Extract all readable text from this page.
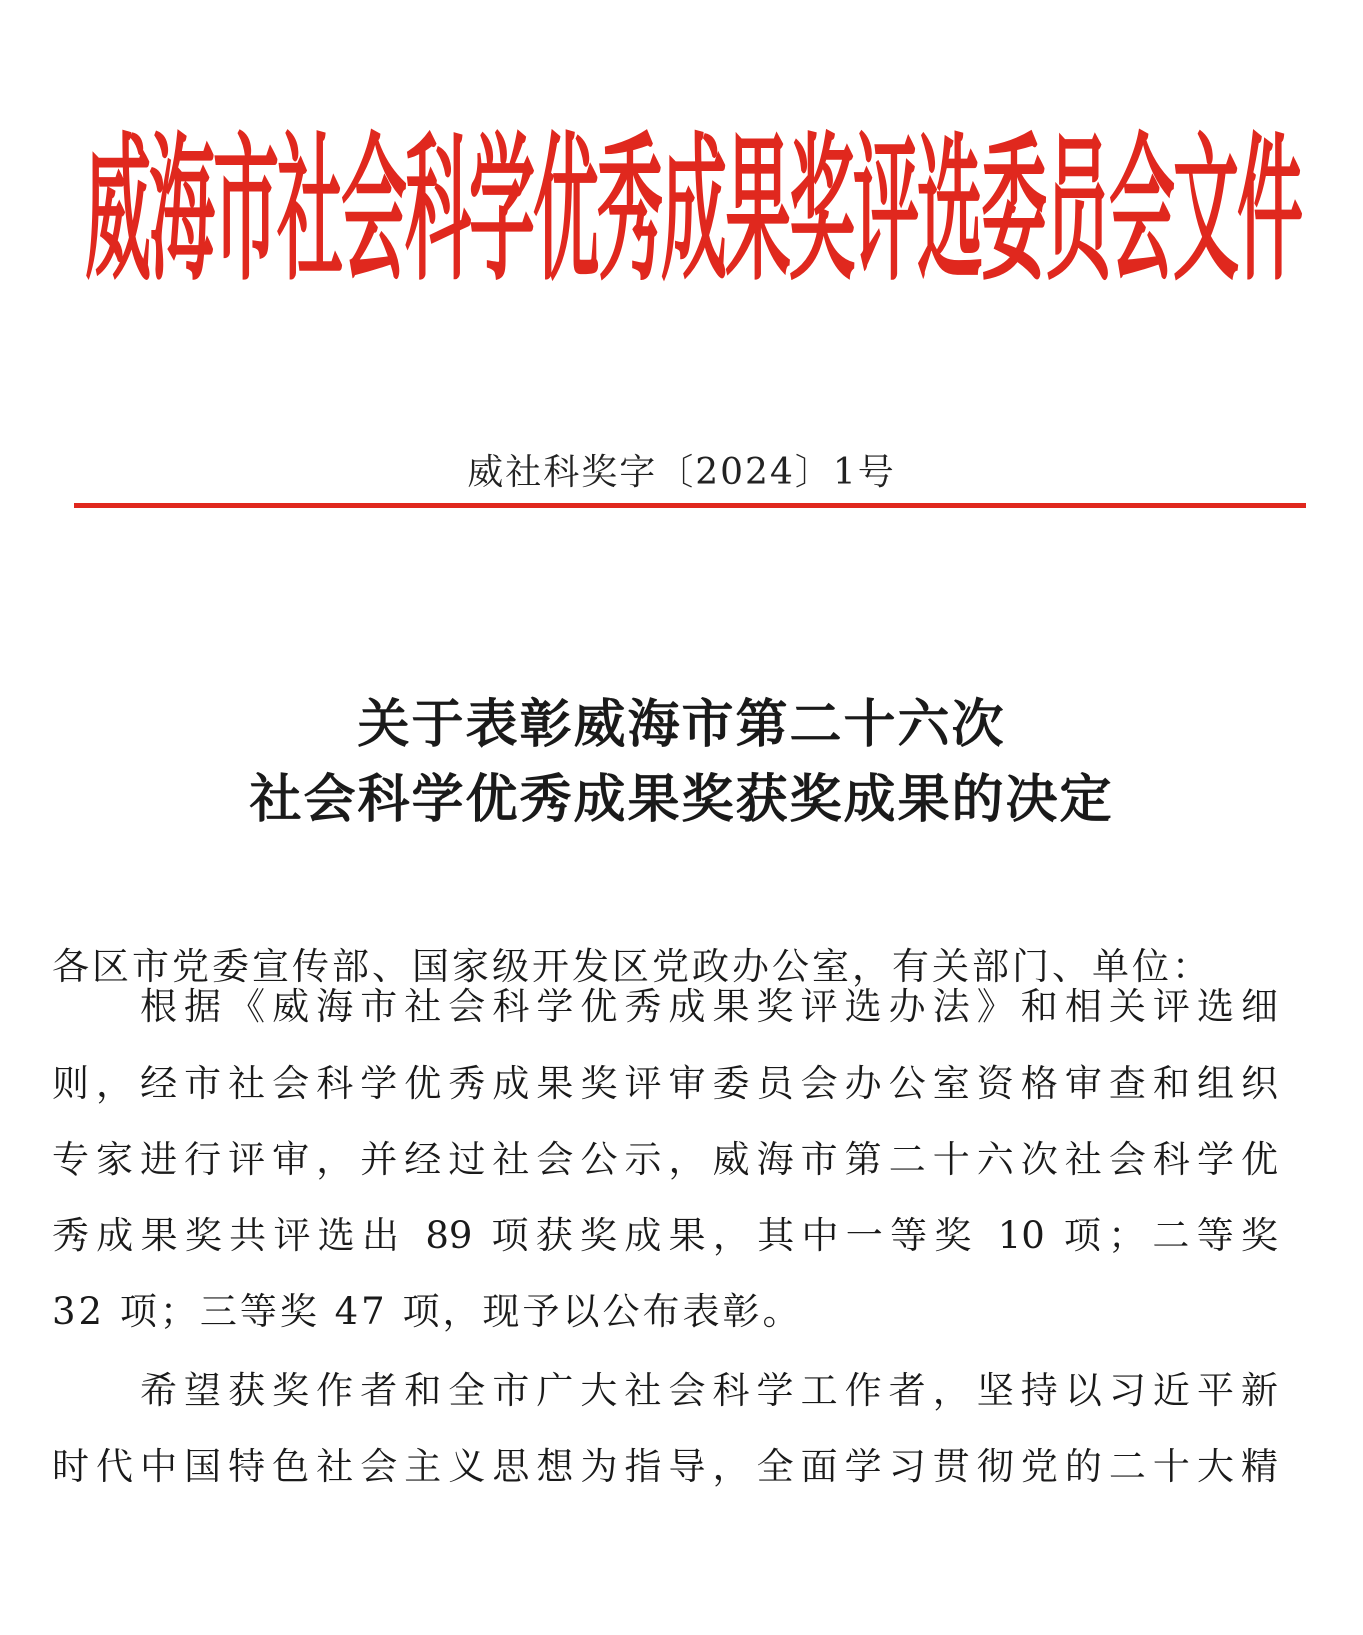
威海市社会科学优秀成果奖评选委员会文件
威社科奖字〔2024〕1号
关于表彰威海市第二十六次
社会科学优秀成果奖获奖成果的决定
各区市党委宣传部、国家级开发区党政办公室，有关部门、单位：
根据《威海市社会科学优秀成果奖评选办法》和相关评选细
则，经市社会科学优秀成果奖评审委员会办公室资格审查和组织
专家进行评审，并经过社会公示，威海市第二十六次社会科学优
秀成果奖共评选出 89 项获奖成果，其中一等奖 10 项；二等奖
32 项；三等奖 47 项，现予以公布表彰。
希望获奖作者和全市广大社会科学工作者，坚持以习近平新
时代中国特色社会主义思想为指导，全面学习贯彻党的二十大精
